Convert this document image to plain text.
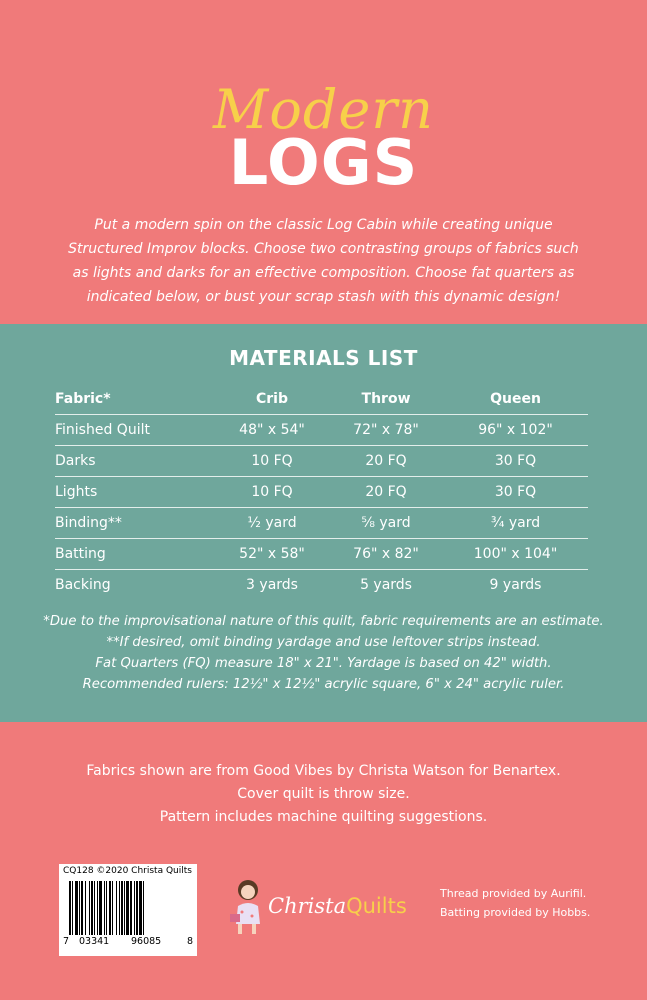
Modern
LOGS
Put a modern spin on the classic Log Cabin while creating unique
Structured Improv blocks. Choose two contrasting groups of fabrics such
as lights and darks for an effective composition. Choose fat quarters as
indicated below, or bust your scrap stash with this dynamic design!
MATERIALS LIST
Fabric*	Crib	Throw	Queen
Finished Quilt	48" x 54"	72" x 78"	96" x 102"
Darks	10 FQ	20 FQ	30 FQ
Lights	10 FQ	20 FQ	30 FQ
Binding**	½ yard	⅝ yard	¾ yard
Batting	52" x 58"	76" x 82"	100" x 104"
Backing	3 yards	5 yards	9 yards
*Due to the improvisational nature of this quilt, fabric requirements are an estimate.
**If desired, omit binding yardage and use leftover strips instead.
Fat Quarters (FQ) measure 18" x 21". Yardage is based on 42" width.
Recommended rulers: 12½" x 12½" acrylic square, 6" x 24" acrylic ruler.
Fabrics shown are from Good Vibes by Christa Watson for Benartex.
Cover quilt is throw size.
Pattern includes machine quilting suggestions.
CQ128 ©2020 Christa Quilts
7 03341 96085	8
ChristaQuilts
Thread provided by Aurifil.
Batting provided by Hobbs.
